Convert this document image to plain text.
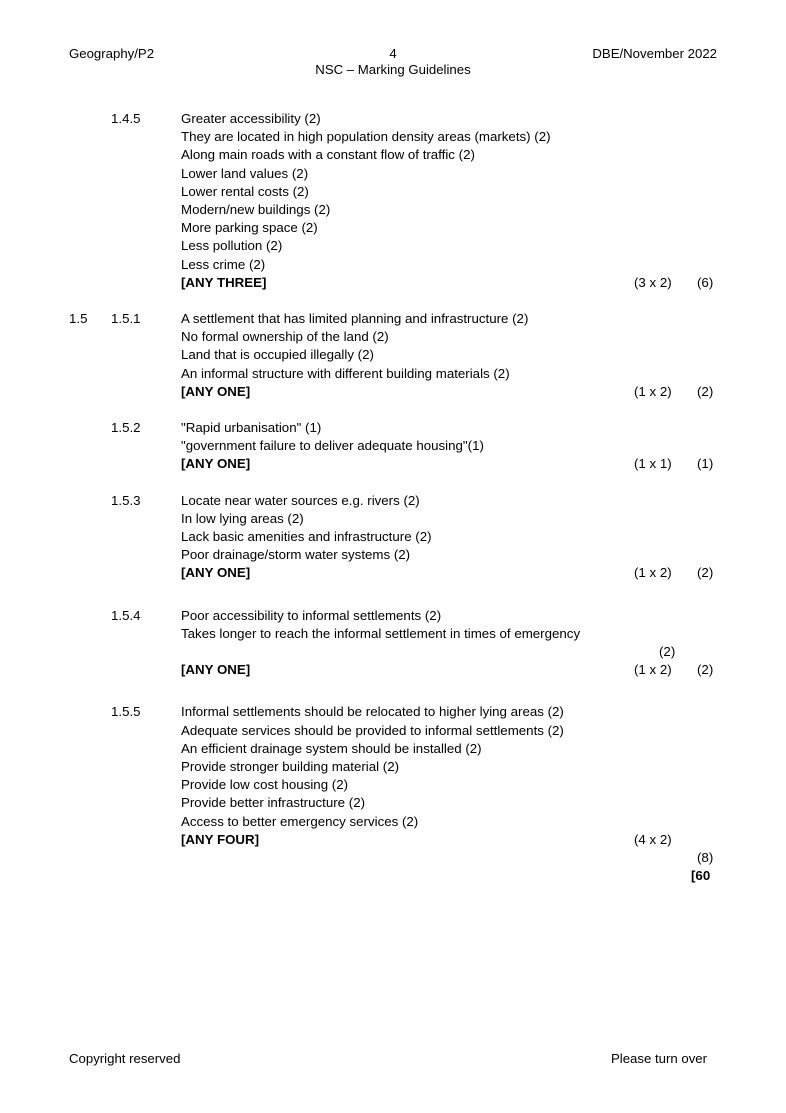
Geography/P2	4
NSC – Marking Guidelines
DBE/November 2022
1.4.5	Greater accessibility (2)
They are located in high population density areas (markets) (2)
Along main roads with a constant flow of traffic (2)
Lower land values (2)
Lower rental costs (2)
Modern/new buildings (2)
More parking space (2)
Less pollution (2)
Less crime (2)
[ANY THREE]	(3 x 2)	(6)
1.5	1.5.1	A settlement that has limited planning and infrastructure (2)
No formal ownership of the land (2)
Land that is occupied illegally (2)
An informal structure with different building materials (2)
[ANY ONE]	(1 x 2)	(2)
1.5.2	"Rapid urbanisation" (1)
"government failure to deliver adequate housing"(1)
[ANY ONE]	(1 x 1)	(1)
1.5.3	Locate near water sources e.g. rivers (2)
In low lying areas (2)
Lack basic amenities and infrastructure (2)
Poor drainage/storm water systems (2)
[ANY ONE]	(1 x 2)	(2)
1.5.4	Poor accessibility to informal settlements (2)
Takes longer to reach the informal settlement in times of emergency
(2)
[ANY ONE]	(1 x 2)	(2)
1.5.5	Informal settlements should be relocated to higher lying areas (2)
Adequate services should be provided to informal settlements (2)
An efficient drainage system should be installed (2)
Provide stronger building material (2)
Provide low cost housing (2)
Provide better infrastructure (2)
Access to better emergency services (2)
[ANY FOUR]	(4 x 2)
(8)
[60
Copyright reserved	Please turn over
